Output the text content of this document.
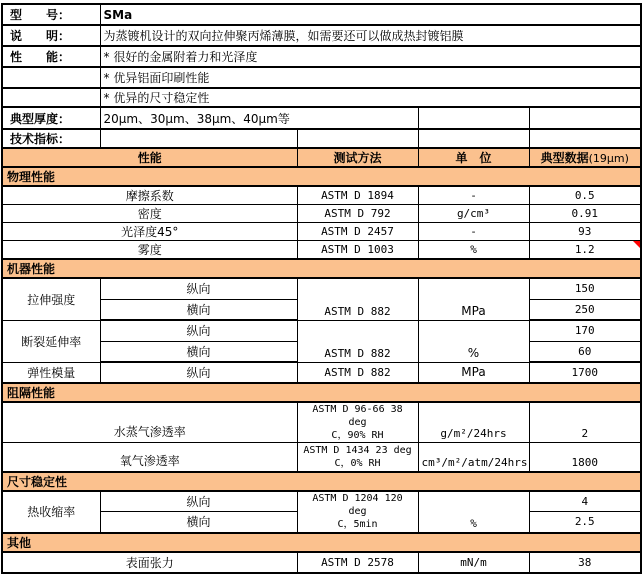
型　　号：	SMa			
说　　明：	为蒸镀机设计的双向拉伸聚丙烯薄膜，如需要还可以做成热封镀铝膜			
性　　能：	* 很好的金属附着力和光泽度			
	* 优异铝面印刷性能			
	* 优异的尺寸稳定性			
典型厚度：	20μm、30μm、38μm、40μm等			
技术指标：				
性能		测试方法	单　位	典型数据(19μm)
物理性能				
摩擦系数		ASTM D 1894	-	0.5
密度		ASTM D 792	g/cm³	0.91
光泽度45°		ASTM D 2457	-	93
雾度		ASTM D 1003	%	1.2

机器性能				
拉伸强度	纵向	ASTM D 882	MPa	150
	横向			250
断裂延伸率	纵向	ASTM D 882	%	170
	横向			60
弹性模量	纵向	ASTM D 882	MPa	1700
阻隔性能				
水蒸气渗透率		ASTM D 96-66 38 deg
C，90% RH	g/m²/24hrs	2
氧气渗透率		ASTM D 1434 23 deg
C，0% RH	cm³/m²/atm/24hrs	1800
尺寸稳定性				
热收缩率	纵向	ASTM D 1204 120 deg
C，5min	%	4
	横向			2.5
其他				
表面张力		ASTM D 2578	mN/m	38
